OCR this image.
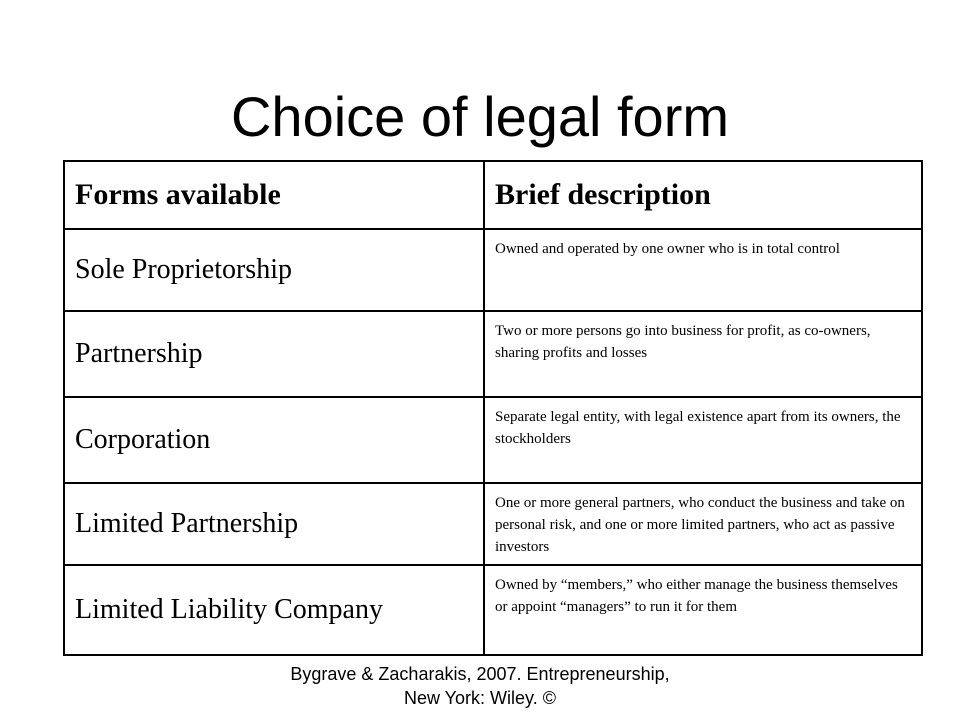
Choice of legal form
Forms available	Brief description
Sole Proprietorship	Owned and operated by one owner who is in total control
Partnership	Two or more persons go into business for profit, as co-owners, sharing profits and losses
Corporation	Separate legal entity, with legal existence apart from its owners, the stockholders
Limited Partnership	One or more general partners, who conduct the business and take on personal risk, and one or more limited partners, who act as passive investors
Limited Liability Company	Owned by “members,” who either manage the business themselves or appoint “managers” to run it for them
Bygrave & Zacharakis, 2007. Entrepreneurship,
New York: Wiley. ©
